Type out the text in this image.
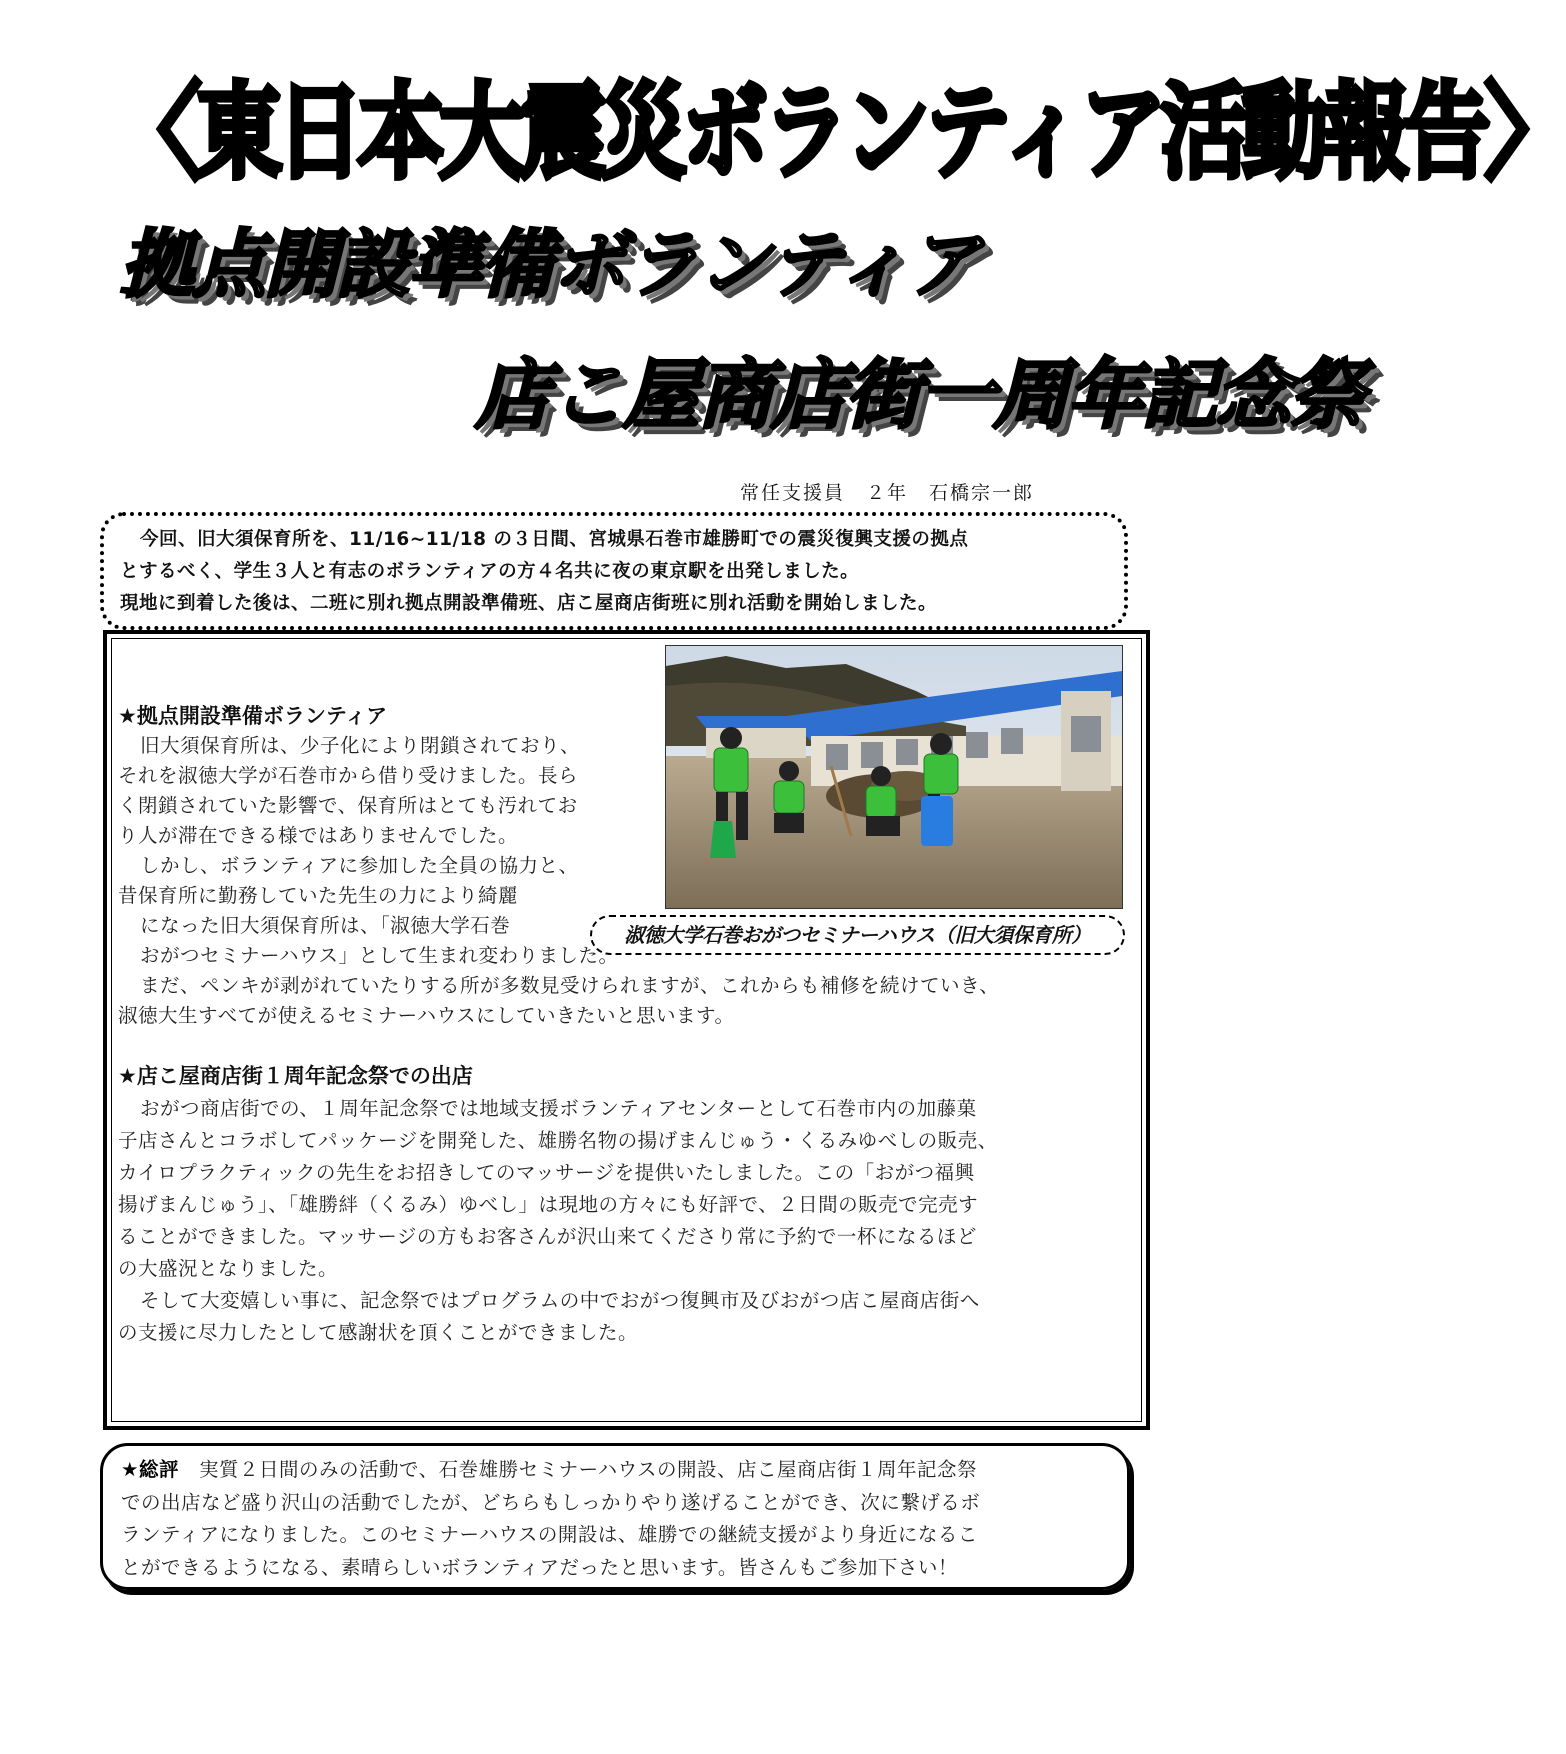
〈東日本大震災ボランティア活動報告〉
拠点開設準備ボランティア
店こ屋商店街一周年記念祭
常任支援員　２年　石橋宗一郎

今回、旧大須保育所を、11/16~11/18 の３日間、宮城県石巻市雄勝町での震災復興支援の拠点

とするべく、学生３人と有志のボランティアの方４名共に夜の東京駅を出発しました。

現地に到着した後は、二班に別れ拠点開設準備班、店こ屋商店街班に別れ活動を開始しました。

淑徳大学石巻おがつセミナーハウス（旧大須保育所）
★拠点開設準備ボランティア

旧大須保育所は、少子化により閉鎖されており、

それを淑徳大学が石巻市から借り受けました。長ら

く閉鎖されていた影響で、保育所はとても汚れてお

り人が滞在できる様ではありませんでした。

しかし、ボランティアに参加した全員の協力と、

昔保育所に勤務していた先生の力により綺麗

になった旧大須保育所は、「淑徳大学石巻

おがつセミナーハウス」として生まれ変わりました。

まだ、ペンキが剥がれていたりする所が多数見受けられますが、これからも補修を続けていき、

淑徳大生すべてが使えるセミナーハウスにしていきたいと思います。

★店こ屋商店街１周年記念祭での出店

おがつ商店街での、１周年記念祭では地域支援ボランティアセンターとして石巻市内の加藤菓

子店さんとコラボしてパッケージを開発した、雄勝名物の揚げまんじゅう・くるみゆべしの販売、

カイロプラクティックの先生をお招きしてのマッサージを提供いたしました。この「おがつ福興

揚げまんじゅう」、「雄勝絆（くるみ）ゆべし」は現地の方々にも好評で、２日間の販売で完売す

ることができました。マッサージの方もお客さんが沢山来てくださり常に予約で一杯になるほど

の大盛況となりました。

そして大変嬉しい事に、記念祭ではプログラムの中でおがつ復興市及びおがつ店こ屋商店街へ

の支援に尽力したとして感謝状を頂くことができました。

★総評　 実質２日間のみの活動で、石巻雄勝セミナーハウスの開設、店こ屋商店街１周年記念祭

での出店など盛り沢山の活動でしたが、どちらもしっかりやり遂げることができ、次に繋げるボ

ランティアになりました。このセミナーハウスの開設は、雄勝での継続支援がより身近になるこ

とができるようになる、素晴らしいボランティアだったと思います。皆さんもご参加下さい！
